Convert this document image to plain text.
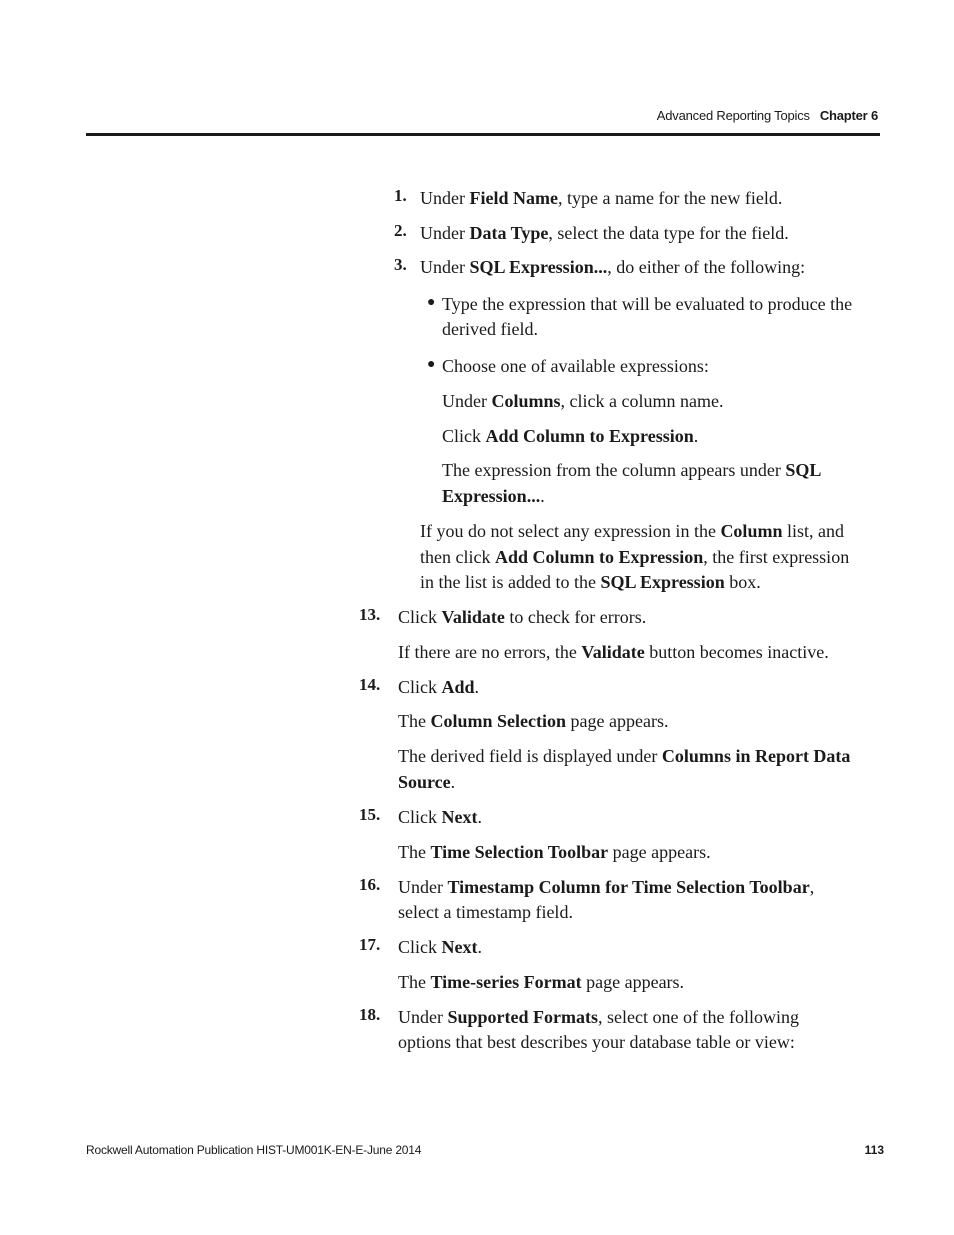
Advanced Reporting Topics Chapter 6
1. Under Field Name, type a name for the new field.
2. Under Data Type, select the data type for the field.
3. Under SQL Expression..., do either of the following:
● Type the expression that will be evaluated to produce the
derived field.
● Choose one of available expressions:
Under Columns, click a column name.
Click Add Column to Expression.
The expression from the column appears under SQL
Expression....
If you do not select any expression in the Column list, and
then click Add Column to Expression, the first expression
in the list is added to the SQL Expression box.
13. Click Validate to check for errors.
If there are no errors, the Validate button becomes inactive.
14. Click Add.
The Column Selection page appears.
The derived field is displayed under Columns in Report Data
Source.
15. Click Next.
The Time Selection Toolbar page appears.
16. Under Timestamp Column for Time Selection Toolbar,
select a timestamp field.
17. Click Next.
The Time-series Format page appears.
18. Under Supported Formats, select one of the following
options that best describes your database table or view:
Rockwell Automation Publication HIST-UM001K-EN-E-June 2014	113
